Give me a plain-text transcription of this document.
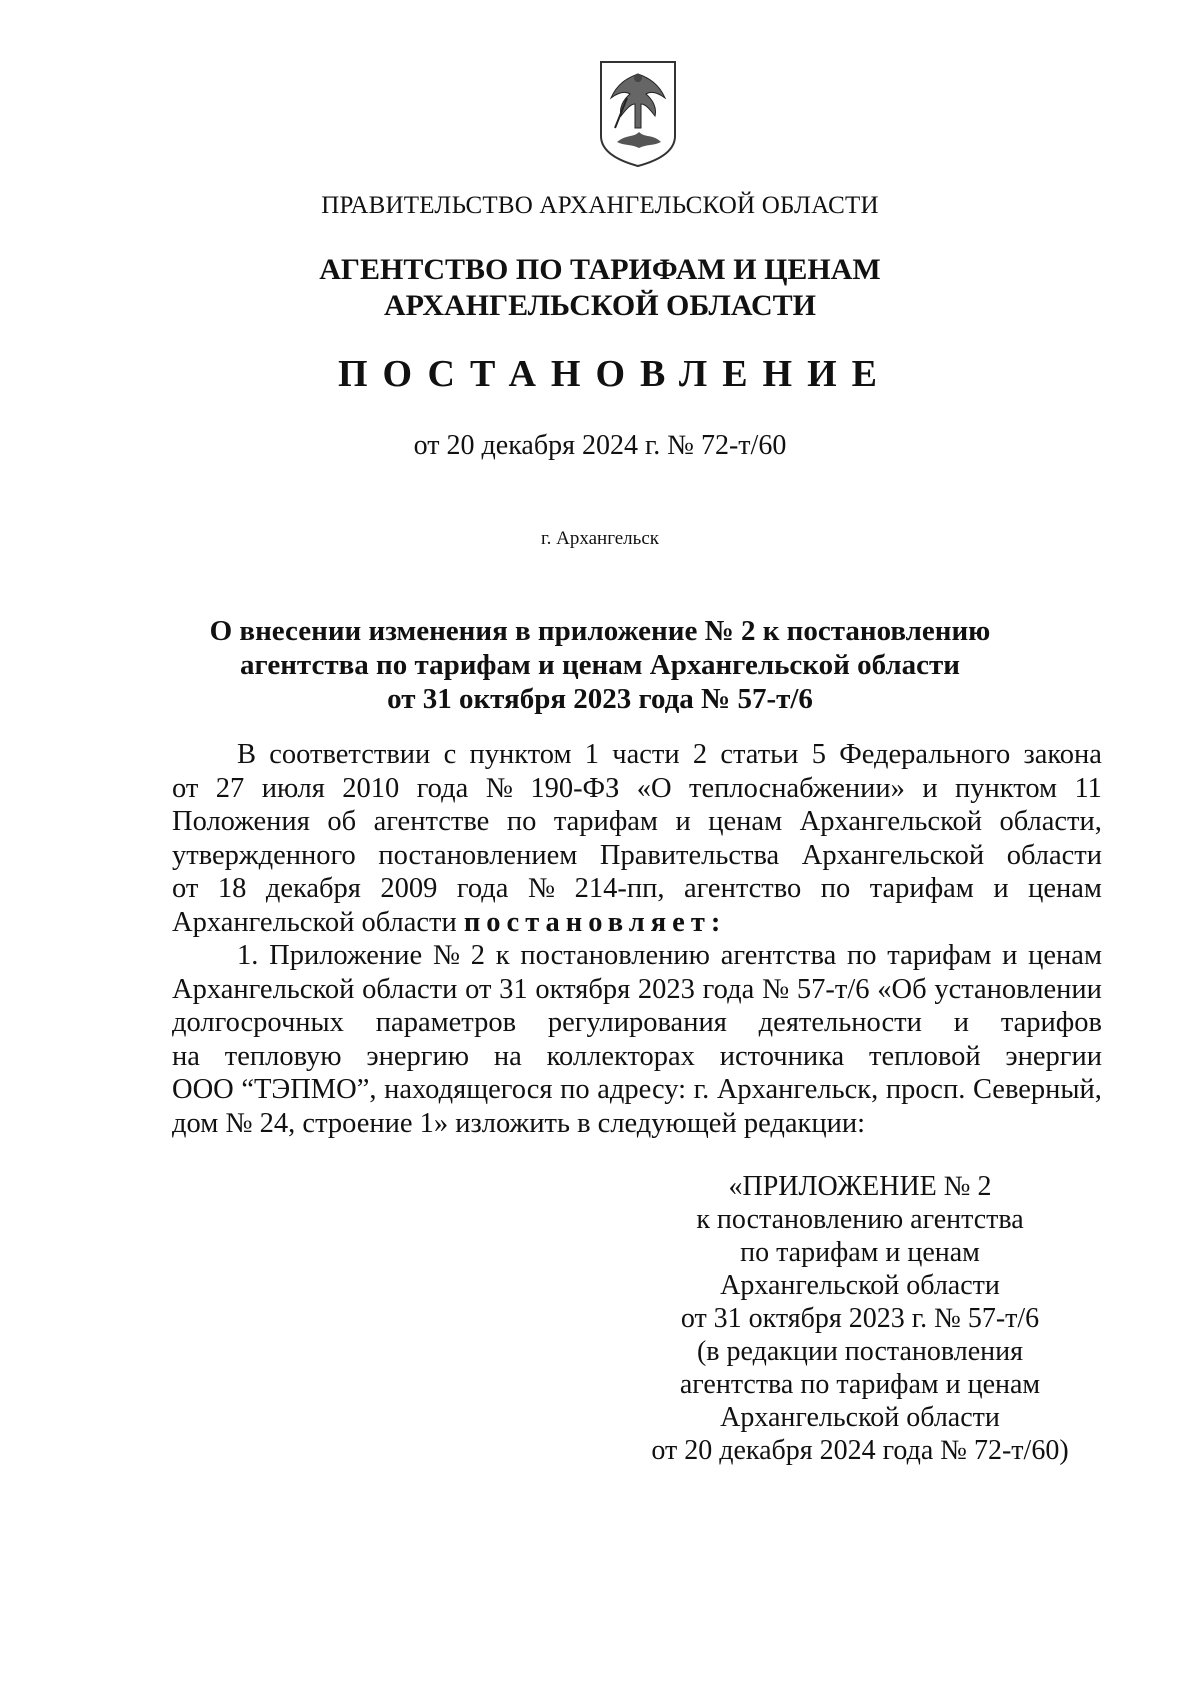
ПРАВИТЕЛЬСТВО АРХАНГЕЛЬСКОЙ ОБЛАСТИ
АГЕНТСТВО ПО ТАРИФАМ И ЦЕНАМ
АРХАНГЕЛЬСКОЙ ОБЛАСТИ
ПОСТАНОВЛЕНИЕ
от 20 декабря 2024 г. № 72-т/60
г. Архангельск
О внесении изменения в приложение № 2 к постановлению
агентства по тарифам и ценам Архангельской области
от 31 октября 2023 года № 57-т/6
В соответствии с пунктом 1 части 2 статьи 5 Федерального закона
от 27 июля 2010 года № 190-ФЗ «О теплоснабжении» и пунктом 11
Положения об агентстве по тарифам и ценам Архангельской области,
утвержденного постановлением Правительства Архангельской области
от 18 декабря 2009 года № 214-пп, агентство по тарифам и ценам
Архангельской области
постановляет:
1. Приложение № 2 к постановлению агентства по тарифам и ценам
Архангельской области от 31 октября 2023 года № 57-т/6 «Об установлении
долгосрочных параметров регулирования деятельности и тарифов
на тепловую энергию на коллекторах источника тепловой энергии
ООО “ТЭПМО”, находящегося по адресу: г. Архангельск, просп. Северный,
дом № 24, строение 1» изложить в следующей редакции:
«ПРИЛОЖЕНИЕ № 2
к постановлению агентства
по тарифам и ценам
Архангельской области
от 31 октября 2023 г. № 57-т/6
(в редакции постановления
агентства по тарифам и ценам
Архангельской области
от 20 декабря 2024 года № 72-т/60)
